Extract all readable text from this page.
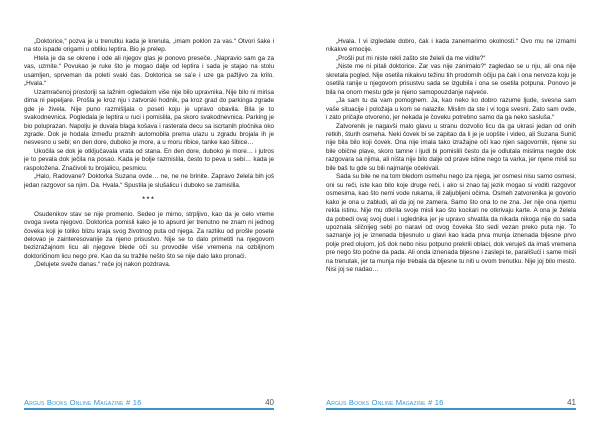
„Doktorice,“ pozva je u trenutku kada je krenula, „imam poklon za vas.“ Otvori šake i na sto ispade origami u obliku leptira. Bio je prelep.

Htela je da se okrene i ode ali njegov glas je ponovo preseče. „Napravio sam ga za vas, uzmite.“ Povukao je ruke što je mogao dalje od leptira i sada je stajao na stolu usamljen, sprveman da poleti svaki čas. Doktorica se sa’e i uze ga pažljivo za krilo. „Hvala.“

Uzamračenoj prostoriji sa lažnim ogledalom više nije bilo upravnika. Nije bilo ni mirisa dima ni pepeljare. Prošla je kroz nju i zatvorski hodnik, pa kroz grad do parkinga zgrade gde je živela. Nije puno razmišljala o poseti koju je upravo obavila. Bila je to svakodnevnica. Pogledala je leptira u ruci i pomislila, pa skoro svakodnevnica. Parking je bio poluprazan. Napolju je duvala blaga košava i rasterala decu sa iscrtanih pločnika oko zgrade. Dok je hodala između praznih automobila prema ulazu u zgradu brojala ih je nesvesno u sebi; en den dore, duboko je more, a u moru ribice, tanke kao šibice…

Ukočila se dok je otključavala vrata od stana. En den dore, duboko je more… i jutros je to pevala dok ječila na posao. Kada je bolje razmislila, često to peva u sebi… kada je raspoložena. Značivoli tu brojalicu, pesmicu.

„Halo, Radovane? Doktorka Suzana ovde… ne, ne ne brinite. Zapravo želela bih još jedan razgovor sa njim. Da. Hvala.“ Spustila je slušalicu i duboko se zamislila.

***

Osudenikov stav se nije promenio. Sedeo je mirno, strpljivo, kao da je celo vreme ovoga sveta njegovo. Doktorica pomisli kako je to apsurd jer trenutno ne znam ni jednog čoveka koji je toliko blizu kraja svog životnog puta od njega. Za razliku od prošle posete delovao je zainteresovanije za njeno prisustvo. Nije se to dalo primetiti na njegovom bezizražajnom licu ali njegove blede oči su provodile više vremena na ozbiljnom doktoričinom licu nego pre. Kao da su tražile nešto što se nije dalo lako pronaći.

„Delujete sveže danas.“ reče joj nakon pozdrava.

Argus Books Online Magazine # 16	40

„Hvala. I vi izgledate dobro, čak i kada zanemarimo okolnosti.“ Ovo mu ne izmami nikakve emocije.

„Prošli put mi niste rekli zašto ste želeli da me vidite?“

„Niste me ni pitali doktorice. Zar vas nije zanimalo?“ zagledao se u nju, ali ona nije skretala pogled. Nije osetila nikakvu težinu tih prodornih očiju pa čak i ona nervoza koju je osetila ranije u njegovom prisustvu sada se izgubila i ona se osetila potpuna. Ponovo je bila na onom mestu gde je njeno samopouzdanje najveće.

„Ja sam tu da vam pomognem. Ja, kao neko ko dobro razume ljude, svesna sam vaše situacije i položaja u kom se nalazite. Mislim da ste i vi toga svesni. Zato sam ovde, i zato pričajte otvoreno, jer nekada je čoveku potrebno samo da ga neko sasluša.“

Zatvorenik je nagavši malo glavu u stranu dozvolio licu da ga ukrasi jedan od onih retkih, šturih osmeha. Neki čovek bi se zapitao da li je je uopšte i video, ali Suzana Sunić nije bila bilo koji čovek. Ona nije imala tako izražajne oči kao njen sagovornik, njene su bile obične plave, skoro tamne i ljudi bi pomislili često da je odlutala mislima negde dok razgovara sa njima, ali ništa nije bilo dalje od prave istine nego ta varka, jer njene misli su bile baš tu gde su bili najmanje očekivali.

Sada su bile ne na tom bledom osmehu nego iza njega, jer osmesi nisu samo osmesi, oni su reči, iste kao bilo koje druge reči, i ako si znao taj jezik mogao si voditi razgovor osmesima, kao što nemi vode rukama, ili zaljubljeni očima. Osmeh zatvorenika je govorio kako je ona u zabludi, ali da joj ne zamera. Samo što ona to ne zna. Jer nije ona njemu rekla istinu. Nije mu otkrila svoje misli kao što kockari ne otkrivaju karte. A ona je želela da pobedi ovaj svoj duel i uglednika jer je upravo shvatila da nikada nikoga nije do sada upoznala sličnijeg sebi po naravi od ovog čoveka što sedi vezan preko puta nje. To saznanje joj je iznenada bljesnulo u glavi kao kada prva munja iznenada bljesne prvo polje pred olujom, još dok nebo nisu potpuno prekrili oblaci, dok veruješ da imaš vremena pre nego što počne da pada. Ali onda iznenada bljesne i zaslepi te, parališući i same misli na trenutak, jer ta munja nije trebala da bljesne tu niti u ovom trenutku. Nije joj bilo mesto. Nisi joj se nadao…

Argus Books Online Magazine # 16	41
